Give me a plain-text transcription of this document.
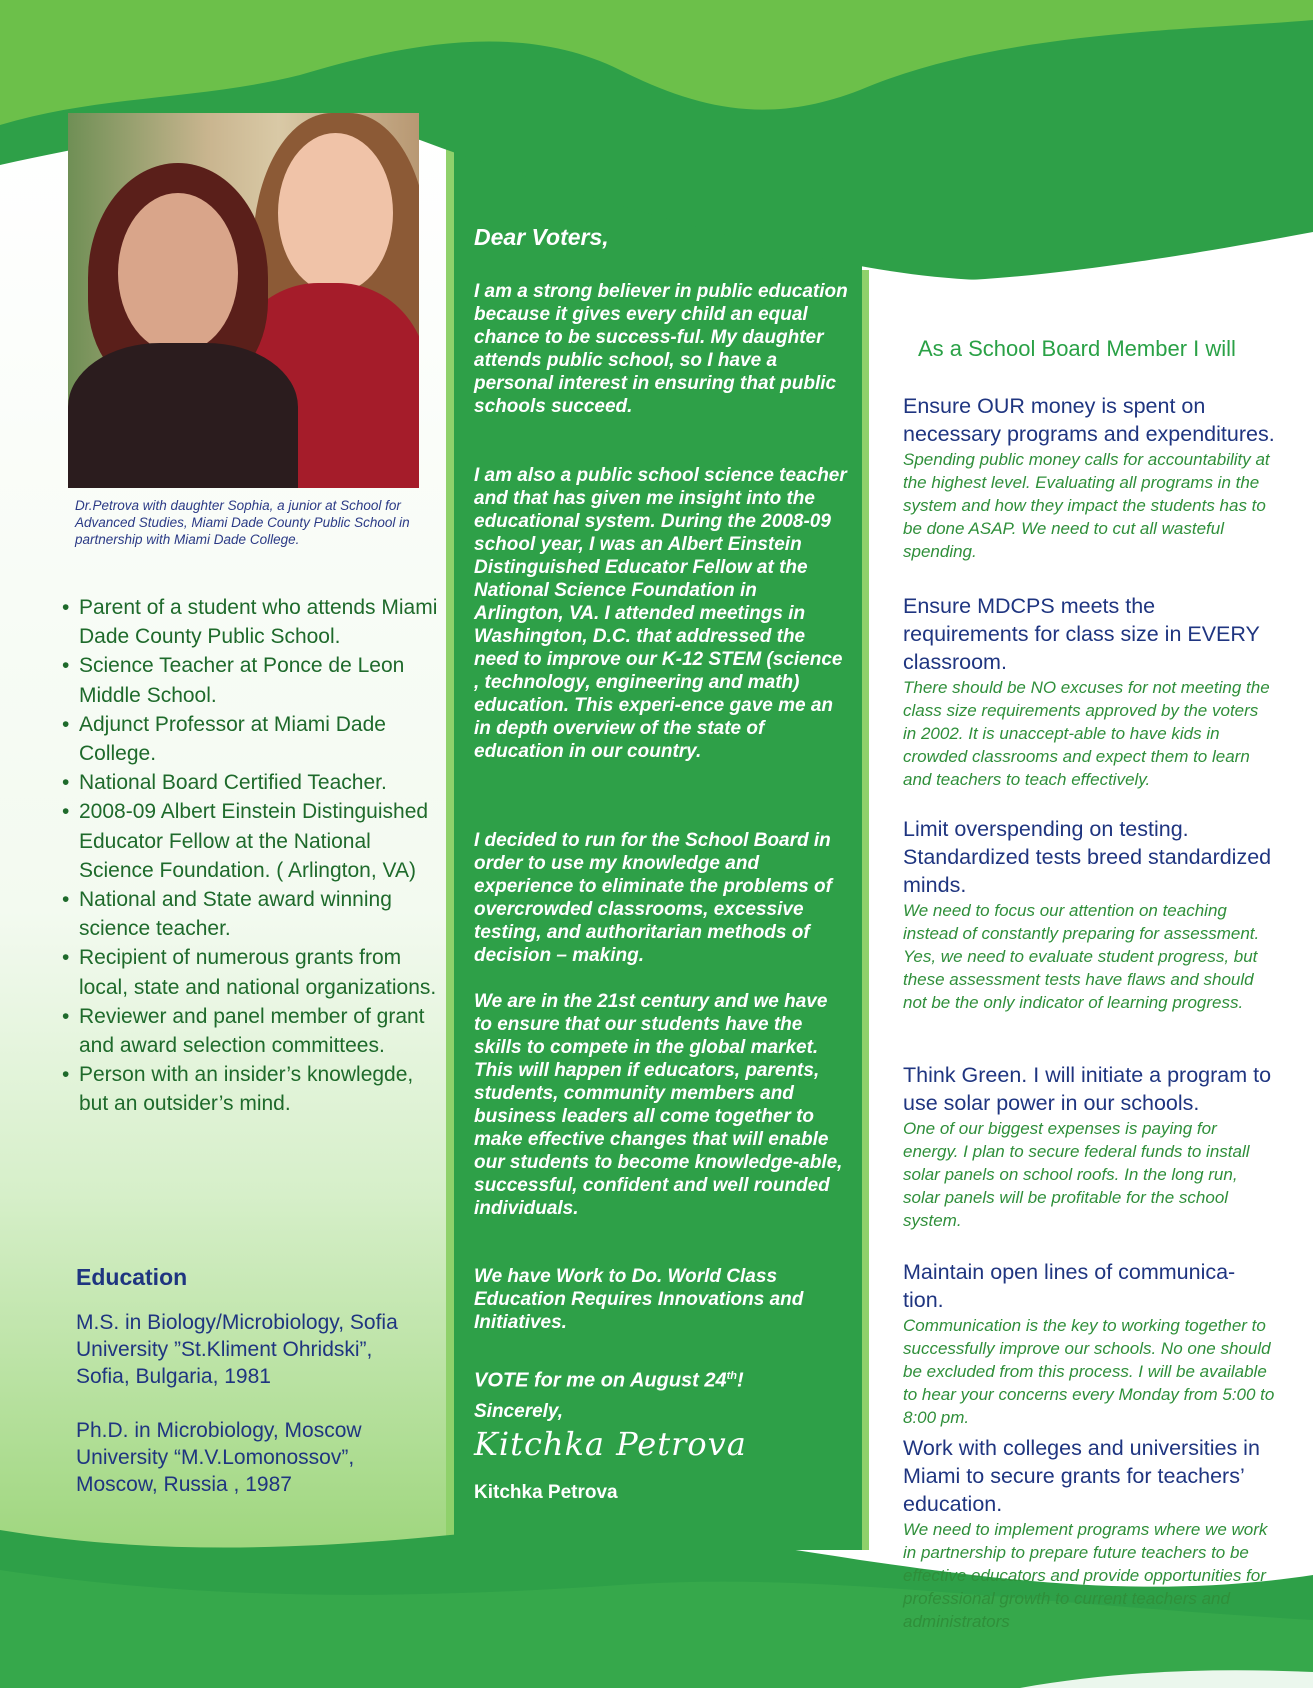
Dr.Petrova with daughter Sophia, a junior at School for Advanced Studies, Miami Dade County Public School in partnership with Miami Dade College.
• Parent of a student who attends Miami Dade County Public School.
• Science Teacher at Ponce de Leon Middle School.
• Adjunct Professor at Miami Dade College.
• National Board Certified Teacher.
• 2008-09 Albert Einstein Distinguished Educator Fellow at the National Science Foundation. ( Arlington, VA)
• National and State award winning science teacher.
• Recipient of numerous grants from local, state and national organizations.
• Reviewer and panel member of grant and award selection committees.
• Person with an insider’s knowlegde, but an outsider’s mind.
Education
M.S. in Biology/Microbiology, Sofia University ”St.Kliment Ohridski”, Sofia, Bulgaria, 1981
Ph.D. in Microbiology, Moscow University “M.V.Lomonossov”, Moscow, Russia , 1987
Dear Voters,
I am a strong believer in public education because it gives every child an equal chance to be success-ful. My daughter attends public school, so I have a personal interest in ensuring that public schools succeed.
I am also a public school science teacher and that has given me insight into the educational system. During the 2008-09 school year, I was an Albert Einstein Distinguished Educator Fellow at the National Science Foundation in Arlington, VA. I attended meetings in Washington, D.C. that addressed the need to improve our K-12 STEM (science , technology, engineering and math) education. This experi-ence gave me an in depth overview of the state of education in our country.
I decided to run for the School Board in order to use my knowledge and experience to eliminate the problems of overcrowded classrooms, excessive testing, and authoritarian methods of decision – making.
We are in the 21st century and we have to ensure that our students have the skills to compete in the global market. This will happen if educators, parents, students, community members and business leaders all come together to make effective changes that will enable our students to become knowledge-able, successful, confident and well rounded individuals.
We have Work to Do. World Class Education Requires Innovations and Initiatives.
VOTE for me on August 24th!
Sincerely,
Kitchka Petrova
Kitchka Petrova
As a School Board Member I will
Ensure OUR money is spent on necessary programs and expenditures.
Spending public money calls for accountability at the highest level. Evaluating all programs in the system and how they impact the students has to be done ASAP. We need to cut all wasteful spending.
Ensure MDCPS meets the requirements for class size in EVERY classroom.
There should be NO excuses for not meeting the class size requirements approved by the voters in 2002. It is unaccept-able to have kids in crowded classrooms and expect them to learn and teachers to teach effectively.
Limit overspending on testing. Standardized tests breed standardized minds.
We need to focus our attention on teaching instead of constantly preparing for assessment. Yes, we need to evaluate student progress, but these assessment tests have flaws and should not be the only indicator of learning progress.
Think Green. I will initiate a program to use solar power in our schools.
One of our biggest expenses is paying for energy. I plan to secure federal funds to install solar panels on school roofs. In the long run, solar panels will be profitable for the school system.
Maintain open lines of communica-tion.
Communication is the key to working together to successfully improve our schools. No one should be excluded from this process. I will be available to hear your concerns every Monday from 5:00 to 8:00 pm.
Work with colleges and universities in Miami to secure grants for teachers’ education.
We need to implement programs where we work in partnership to prepare future teachers to be effective educators and provide opportunities for professional growth to current teachers and administrators
